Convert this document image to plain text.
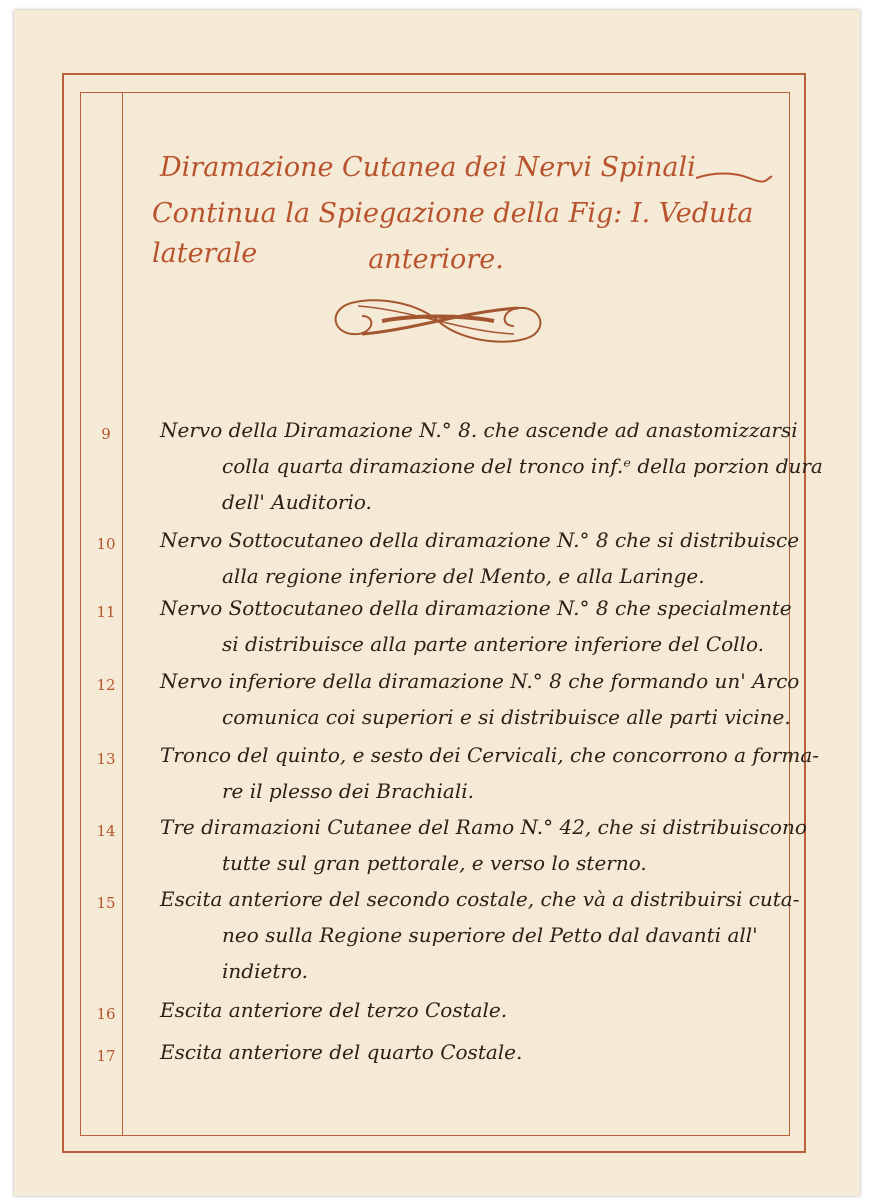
Diramazione Cutanea dei Nervi Spinali
Continua la Spiegazione della Fig: I. Veduta laterale	anteriore.
9	Nervo della Diramazione N.° 8. che ascende ad anastomizzarsi
colla quarta diramazione del tronco inf.ᵉ della porzion dura
dell' Auditorio.
10	Nervo Sottocutaneo della diramazione N.° 8 che si distribuisce
alla regione inferiore del Mento, e alla Laringe.
11	Nervo Sottocutaneo della diramazione N.° 8 che specialmente
si distribuisce alla parte anteriore inferiore del Collo.
12	Nervo inferiore della diramazione N.° 8 che formando un' Arco
comunica coi superiori e si distribuisce alle parti vicine.
13	Tronco del quinto, e sesto dei Cervicali, che concorrono a forma-
re il plesso dei Brachiali.
14	Tre diramazioni Cutanee del Ramo N.° 42, che si distribuiscono
tutte sul gran pettorale, e verso lo sterno.
15	Escita anteriore del secondo costale, che và a distribuirsi cuta-
neo sulla Regione superiore del Petto dal davanti all'
indietro.
16	Escita anteriore del terzo Costale.
17	Escita anteriore del quarto Costale.
